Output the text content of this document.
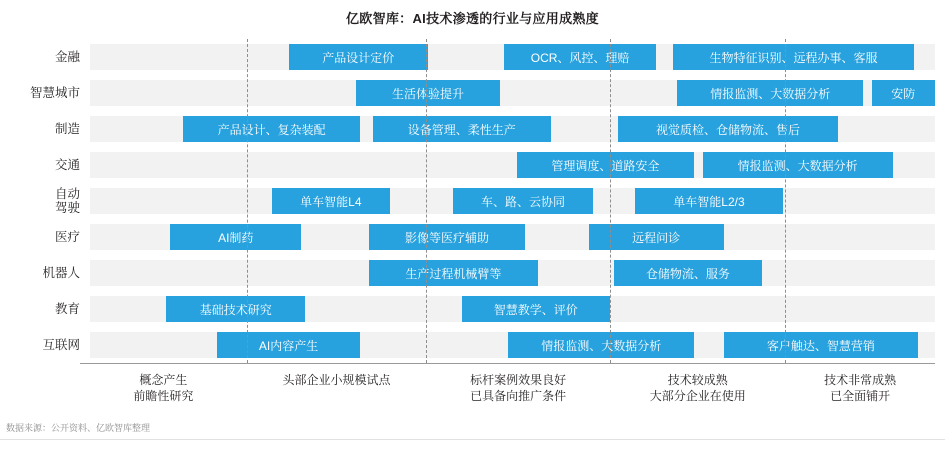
亿欧智库：AI技术渗透的行业与应用成熟度
金融	产品设计定价	OCR、风控、理赔	生物特征识别、远程办事、客服
智慧城市	生活体验提升	情报监测、大数据分析	安防
制造	产品设计、复杂装配	设备管理、柔性生产	视觉质检、仓储物流、售后
交通	管理调度、道路安全	情报监测、大数据分析
自动
驾驶	单车智能L4	车、路、云协同	单车智能L2/3
医疗	AI制药	影像等医疗辅助	远程问诊
机器人	生产过程机械臂等	仓储物流、服务
教育	基础技术研究	智慧教学、评价
互联网	AI内容产生	情报监测、大数据分析	客户触达、智慧营销
概念产生
前瞻性研究
头部企业小规模试点	标杆案例效果良好
已具备向推广条件
技术较成熟
大部分企业在使用
技术非常成熟
已全面铺开
数据来源：公开资料、亿欧智库整理
